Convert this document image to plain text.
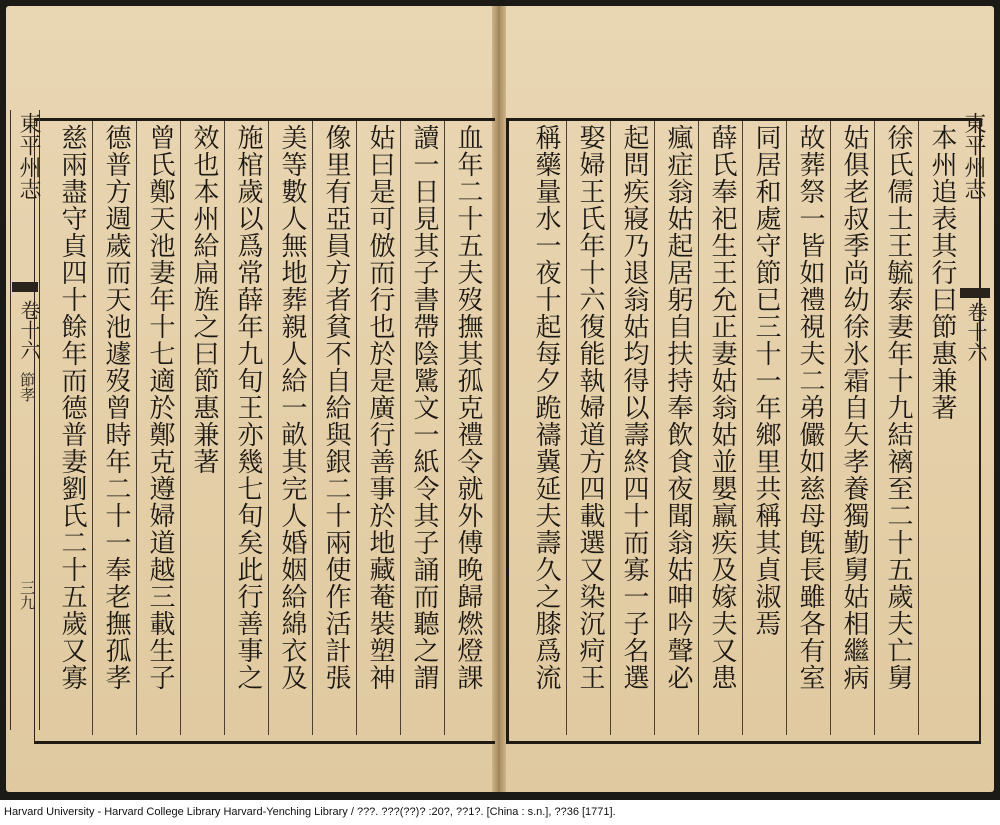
東平州志
卷十六
節孝
三九
東平州志
卷十六
血年二十五夫歿撫其孤克禮令就外傅晚歸燃燈課
讀一日見其子書帶陰騭文一紙令其子誦而聽之謂
姑曰是可倣而行也於是廣行善事於地藏菴裝塑神
像里有亞員方者貧不自給與銀二十兩使作活計張
美等數人無地葬親人給一畝其完人婚姻給綿衣及
施棺歲以爲常薛年九旬王亦幾七旬矣此行善事之
效也本州給扁旌之曰節惠兼著
曾氏鄭天池妻年十七適於鄭克遵婦道越三載生子
德普方週歲而天池遽歿曾時年二十一奉老撫孤孝
慈兩盡守貞四十餘年而德普妻劉氏二十五歲又寡	本州追表其行曰節惠兼著
徐氏儒士王毓泰妻年十九結褵至二十五歲夫亡舅
姑俱老叔季尚幼徐氷霜自矢孝養獨勤舅姑相繼病
故葬祭一皆如禮視夫二弟儼如慈母旣長雖各有室
同居和處守節已三十一年鄉里共稱其貞淑焉
薛氏奉祀生王允正妻姑翁姑並嬰羸疾及嫁夫又患
瘋症翁姑起居躬自扶持奉飲食夜聞翁姑呻吟聲必
起問疾寢乃退翁姑均得以壽終四十而寡一子名選
娶婦王氏年十六復能執婦道方四載選又染沉疴王
稱藥量水一夜十起每夕跪禱冀延夫壽久之膝爲流
Harvard University - Harvard College Library Harvard-Yenching Library / ???. ???(??)? :20?, ??1?. [China : s.n.], ??36 [1771].
